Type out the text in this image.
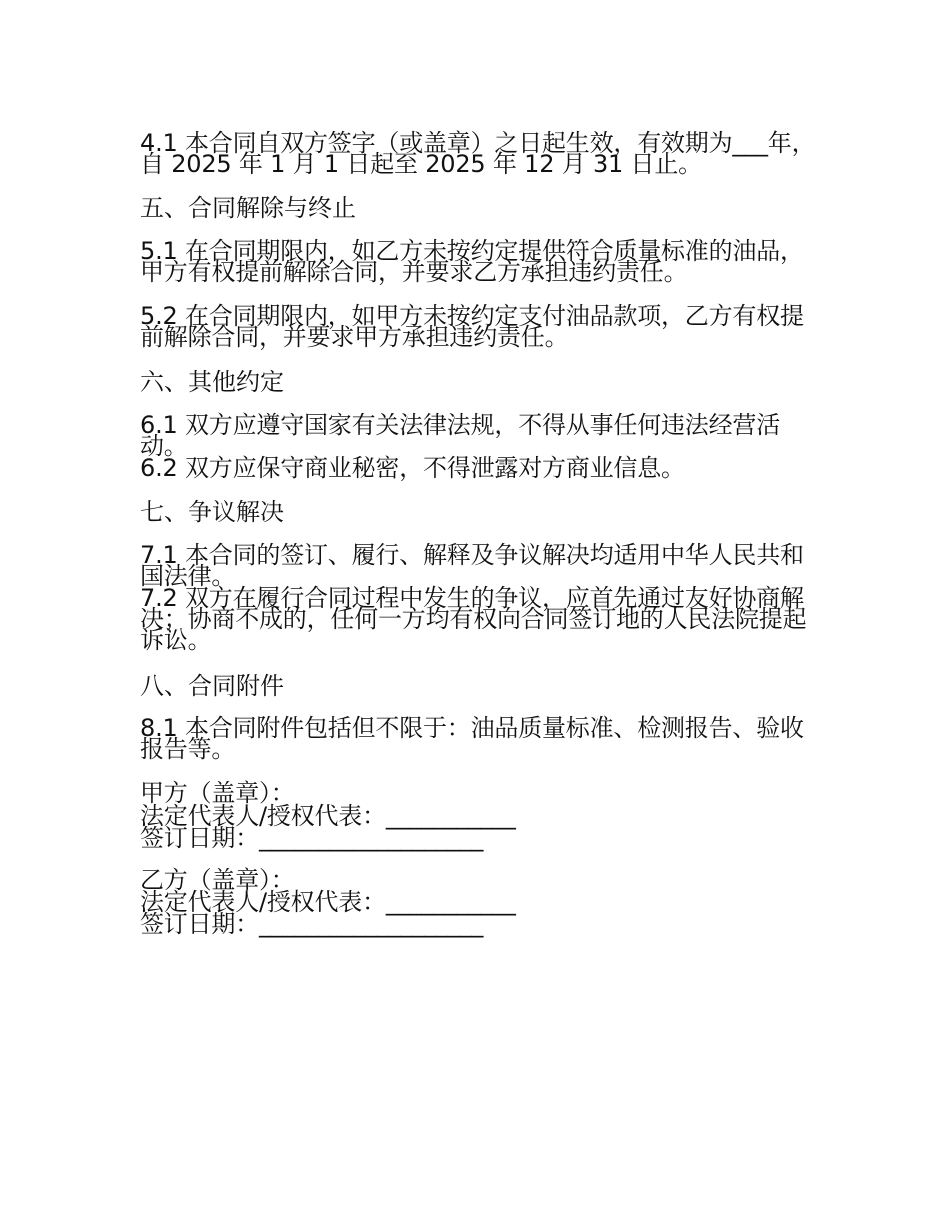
4.1 本合同自双方签字（或盖章）之日起生效，有效期为___年，自 2025 年 1 月 1 日起至 2025 年 12 月 31 日止。

五、合同解除与终止

5.1 在合同期限内，如乙方未按约定提供符合质量标准的油品，甲方有权提前解除合同，并要求乙方承担违约责任。

5.2 在合同期限内，如甲方未按约定支付油品款项，乙方有权提前解除合同，并要求甲方承担违约责任。

六、其他约定

6.1 双方应遵守国家有关法律法规，不得从事任何违法经营活动。

6.2 双方应保守商业秘密，不得泄露对方商业信息。

七、争议解决

7.1 本合同的签订、履行、解释及争议解决均适用中华人民共和国法律。

7.2 双方在履行合同过程中发生的争议，应首先通过友好协商解决；协商不成的，任何一方均有权向合同签订地的人民法院提起诉讼。

八、合同附件

8.1 本合同附件包括但不限于：油品质量标准、检测报告、验收报告等。

甲方（盖章）：

法定代表人/授权代表：___________

签订日期：___________________

乙方（盖章）：

法定代表人/授权代表：___________

签订日期：___________________
